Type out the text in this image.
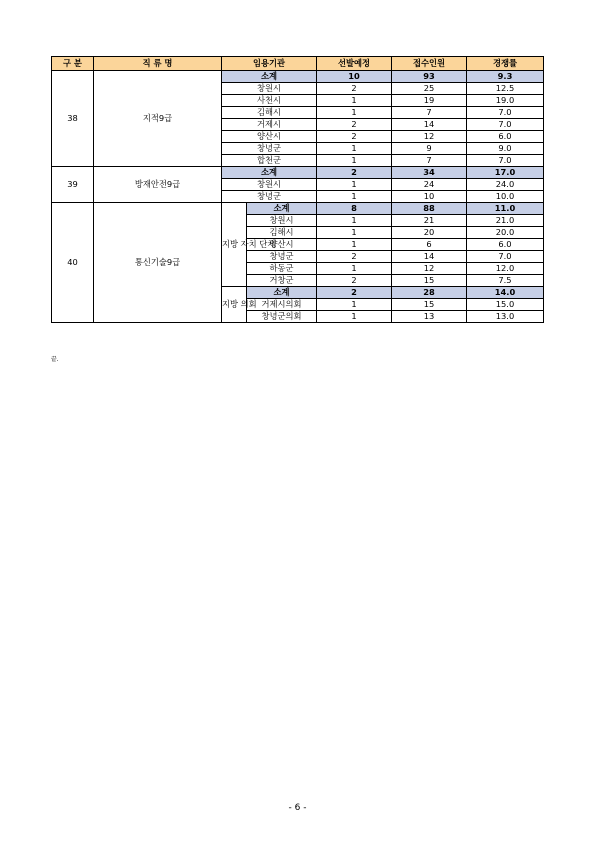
구 분	직 류 명	임용기관		선발예정	접수인원	경쟁률
38	지적9급	소계		10	93	9.3
		창원시		2	25	12.5
		사천시		1	19	19.0
		김해시		1	7	7.0
		거제시		2	14	7.0
		양산시		2	12	6.0
		창녕군		1	9	9.0
		합천군		1	7	7.0
39	방재안전9급	소계		2	34	17.0
		창원시		1	24	24.0
		창녕군		1	10	10.0
40	통신기술9급	지방 자치 단체	소계	8	88	11.0
			창원시	1	21	21.0
			김해시	1	20	20.0
			양산시	1	6	6.0
			창녕군	2	14	7.0
			하동군	1	12	12.0
			거창군	2	15	7.5
		지방 의회	소계	2	28	14.0
			거제시의회	1	15	15.0
			창녕군의회	1	13	13.0
끝.
- 6 -
